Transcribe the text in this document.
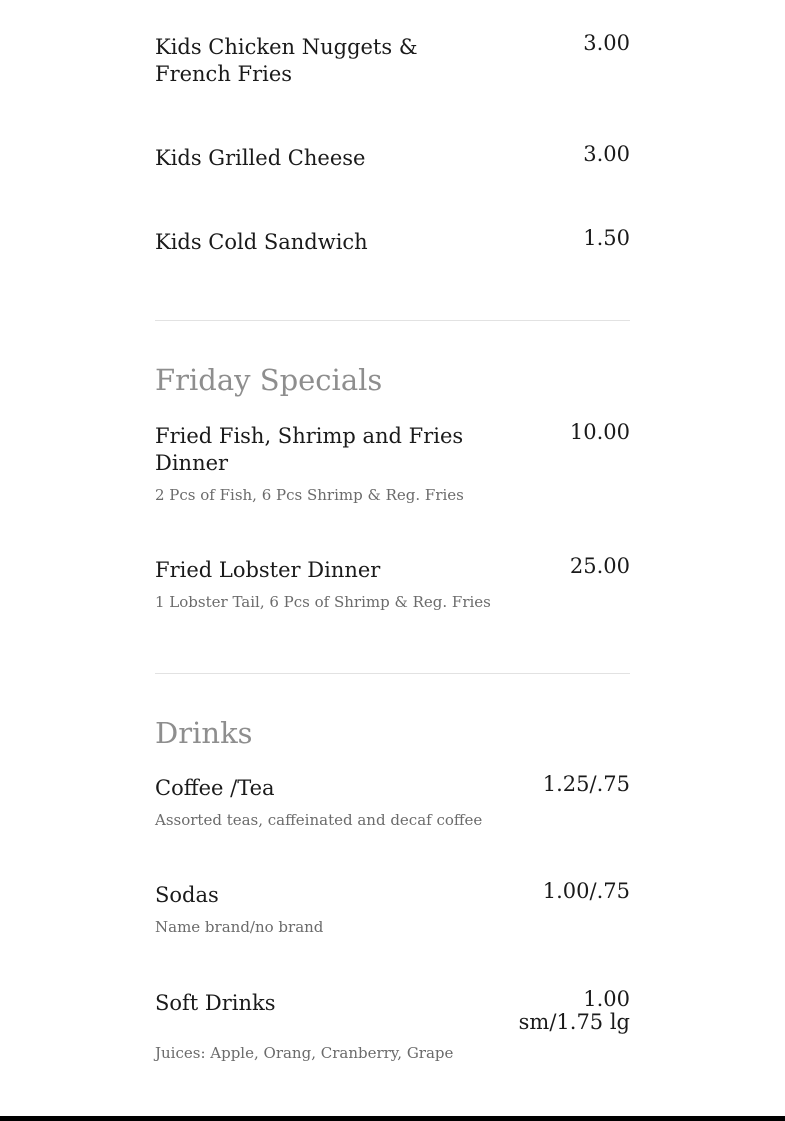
Kids Chicken Nuggets & French Fries
3.00
Kids Grilled Cheese	3.00
Kids Cold Sandwich	1.50
Friday Specials
Fried Fish, Shrimp and Fries Dinner
10.00
2 Pcs of Fish, 6 Pcs Shrimp & Reg. Fries
Fried Lobster Dinner	25.00
1 Lobster Tail, 6 Pcs of Shrimp & Reg. Fries
Drinks
Coffee /Tea	1.25/.75
Assorted teas, caffeinated and decaf coffee
Sodas	1.00/.75
Name brand/no brand
Soft Drinks	1.00 sm/1.75 lg
Juices: Apple, Orang, Cranberry, Grape
